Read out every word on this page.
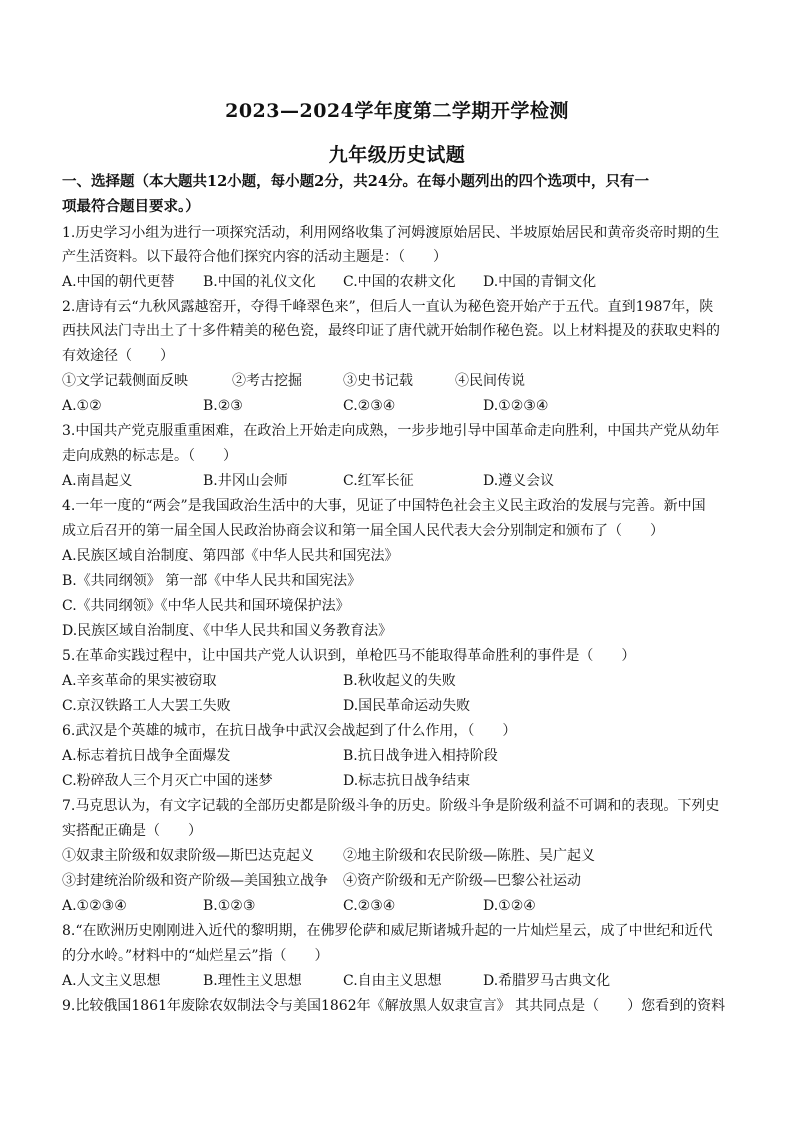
2023—2024学年度第二学期开学检测
九年级历史试题
一、选择题（本大题共12小题，每小题2分，共24分。在每小题列出的四个选项中，只有一
项最符合题目要求。）
1.历史学习小组为进行一项探究活动，利用网络收集了河姆渡原始居民、半坡原始居民和黄帝炎帝时期的生
产生活资料。以下最符合他们探究内容的活动主题是：（　　）
A.中国的朝代更替 B.中国的礼仪文化 C.中国的农耕文化 D.中国的青铜文化
2.唐诗有云“九秋风露越窑开，夺得千峰翠色来”，但后人一直认为秘色瓷开始产于五代。直到1987年，陕
西扶风法门寺出土了十多件精美的秘色瓷，最终印证了唐代就开始制作秘色瓷。以上材料提及的获取史料的
有效途径（　　）
①文学记载侧面反映	②考古挖掘	③史书记载	④民间传说
A.①②	B.②③	C.②③④	D.①②③④
3.中国共产党克服重重困难，在政治上开始走向成熟，一步步地引导中国革命走向胜利，中国共产党从幼年
走向成熟的标志是。（　　）
A.南昌起义	B.井冈山会师	C.红军长征	D.遵义会议
4.一年一度的“两会”是我国政治生活中的大事，见证了中国特色社会主义民主政治的发展与完善。新中国
成立后召开的第一届全国人民政治协商会议和第一届全国人民代表大会分别制定和颁布了（　　）
A.民族区域自治制度、第四部《中华人民共和国宪法》
B.《共同纲领》 第一部《中华人民共和国宪法》
C.《共同纲领》《中华人民共和国环境保护法》
D.民族区域自治制度、《中华人民共和国义务教育法》
5.在革命实践过程中，让中国共产党人认识到，单枪匹马不能取得革命胜利的事件是（　　）
A.辛亥革命的果实被窃取	B.秋收起义的失败
C.京汉铁路工人大罢工失败	D.国民革命运动失败
6.武汉是个英雄的城市，在抗日战争中武汉会战起到了什么作用，（　　）
A.标志着抗日战争全面爆发	B.抗日战争进入相持阶段
C.粉碎敌人三个月灭亡中国的迷梦	D.标志抗日战争结束
7.马克思认为，有文字记载的全部历史都是阶级斗争的历史。阶级斗争是阶级利益不可调和的表现。下列史
实搭配正确是（　　）
①奴隶主阶级和奴隶阶级—斯巴达克起义 ②地主阶级和农民阶级—陈胜、吴广起义
③封建统治阶级和资产阶级—美国独立战争 ④资产阶级和无产阶级—巴黎公社运动
A.①②③④	B.①②③	C.②③④	D.①②④
8.“在欧洲历史刚刚进入近代的黎明期，在佛罗伦萨和威尼斯诸城升起的一片灿烂星云，成了中世纪和近代
的分水岭。”材料中的“灿烂星云”指（　　）
A.人文主义思想	B.理性主义思想	C.自由主义思想	D.希腊罗马古典文化
9.比较俄国1861年废除农奴制法令与美国1862年《解放黑人奴隶宣言》 其共同点是（　　）您看到的资料
